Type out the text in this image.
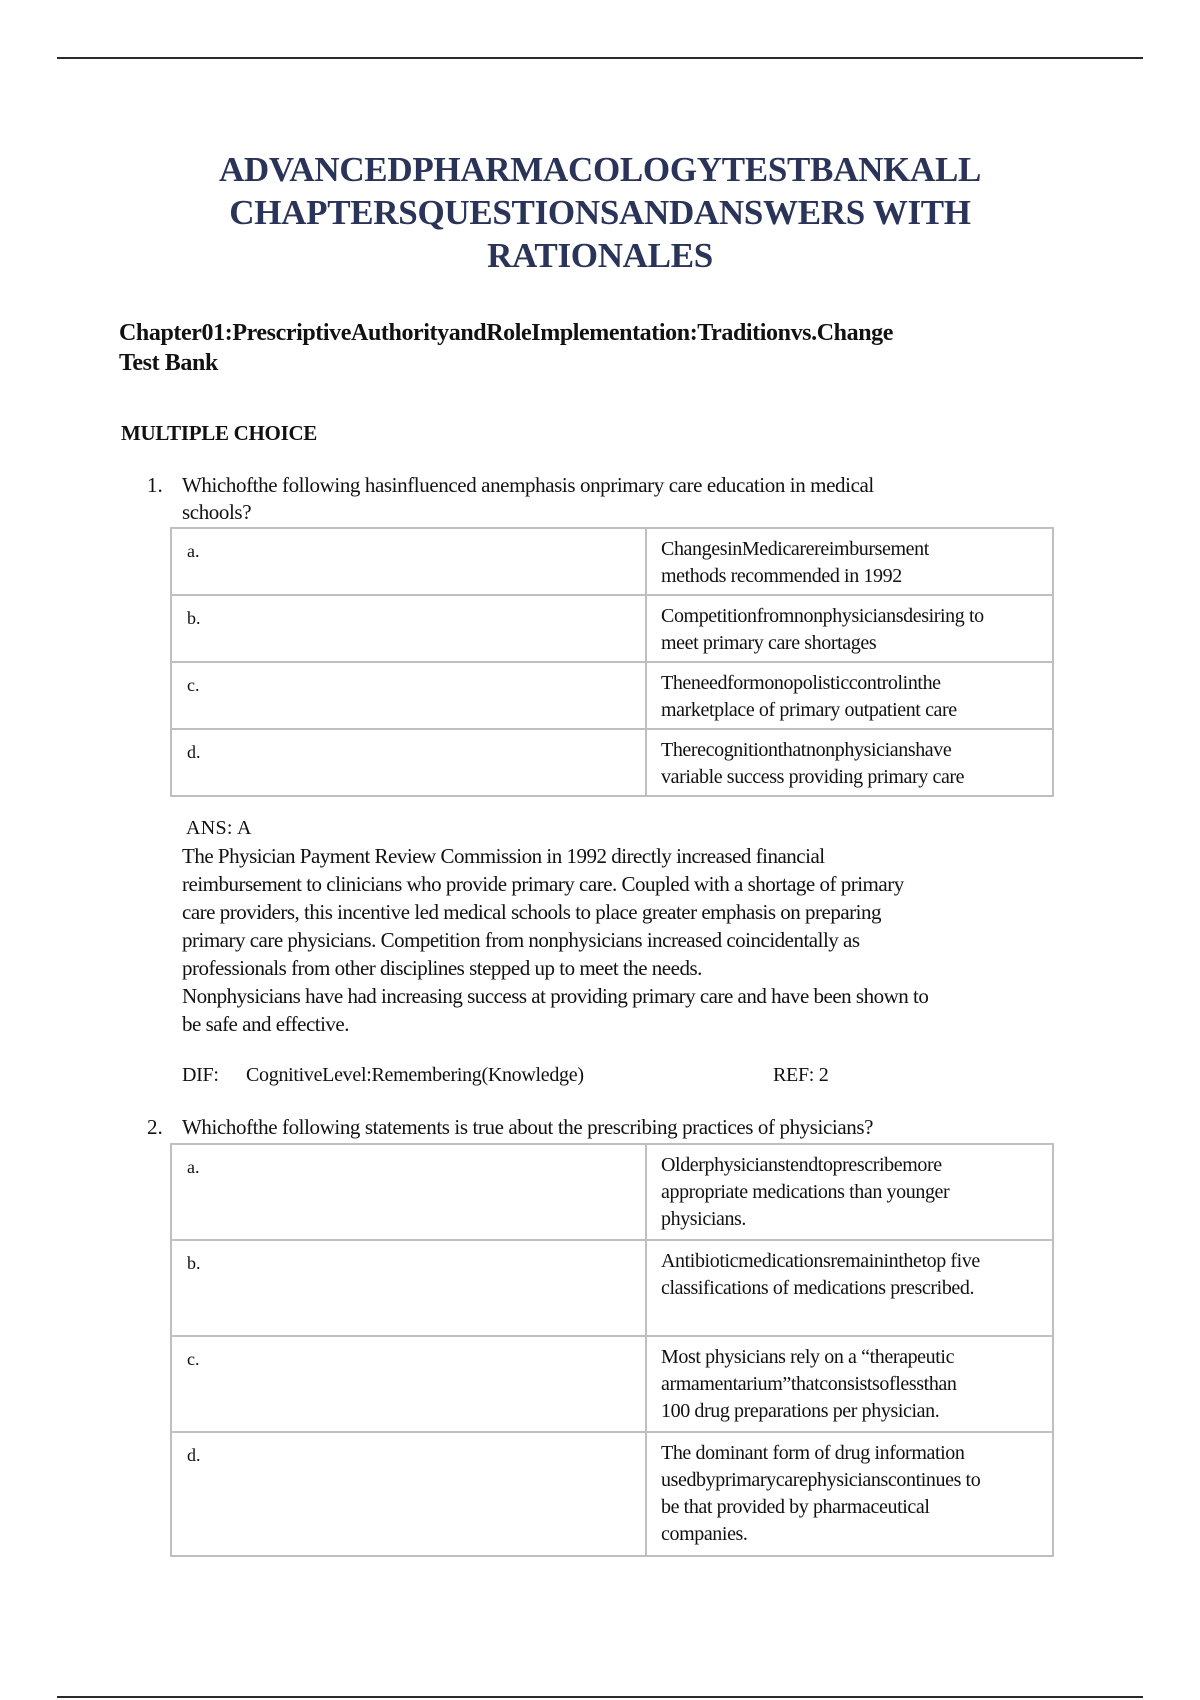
ADVANCEDPHARMACOLOGYTESTBANKALL
CHAPTERSQUESTIONSANDANSWERS WITH
RATIONALES
Chapter01:PrescriptiveAuthorityandRoleImplementation:Traditionvs.Change
Test Bank
MULTIPLE CHOICE
1. Whichofthe following hasinfluenced anemphasis onprimary care education in medical
schools?
a.	ChangesinMedicarereimbursement
methods recommended in 1992

b.	Competitionfromnonphysiciansdesiring to
meet primary care shortages

c.	Theneedformonopolisticcontrolinthe
marketplace of primary outpatient care

d.	Therecognitionthatnonphysicianshave
variable success providing primary care
ANS: A
The Physician Payment Review Commission in 1992 directly increased financial
reimbursement to clinicians who provide primary care. Coupled with a shortage of primary
care providers, this incentive led medical schools to place greater emphasis on preparing
primary care physicians. Competition from nonphysicians increased coincidentally as
professionals from other disciplines stepped up to meet the needs.
Nonphysicians have had increasing success at providing primary care and have been shown to
be safe and effective.
DIF: CognitiveLevel:Remembering(Knowledge)	REF: 2
2. Whichofthe following statements is true about the prescribing practices of physicians?
a.	Olderphysicianstendtoprescribemore
appropriate medications than younger
physicians.

b.	Antibioticmedicationsremaininthetop five
classifications of medications prescribed.

c.	Most physicians rely on a “therapeutic
armamentarium”thatconsistsoflessthan
100 drug preparations per physician.

d.	The dominant form of drug information
usedbyprimarycarephysicianscontinues to
be that provided by pharmaceutical
companies.
